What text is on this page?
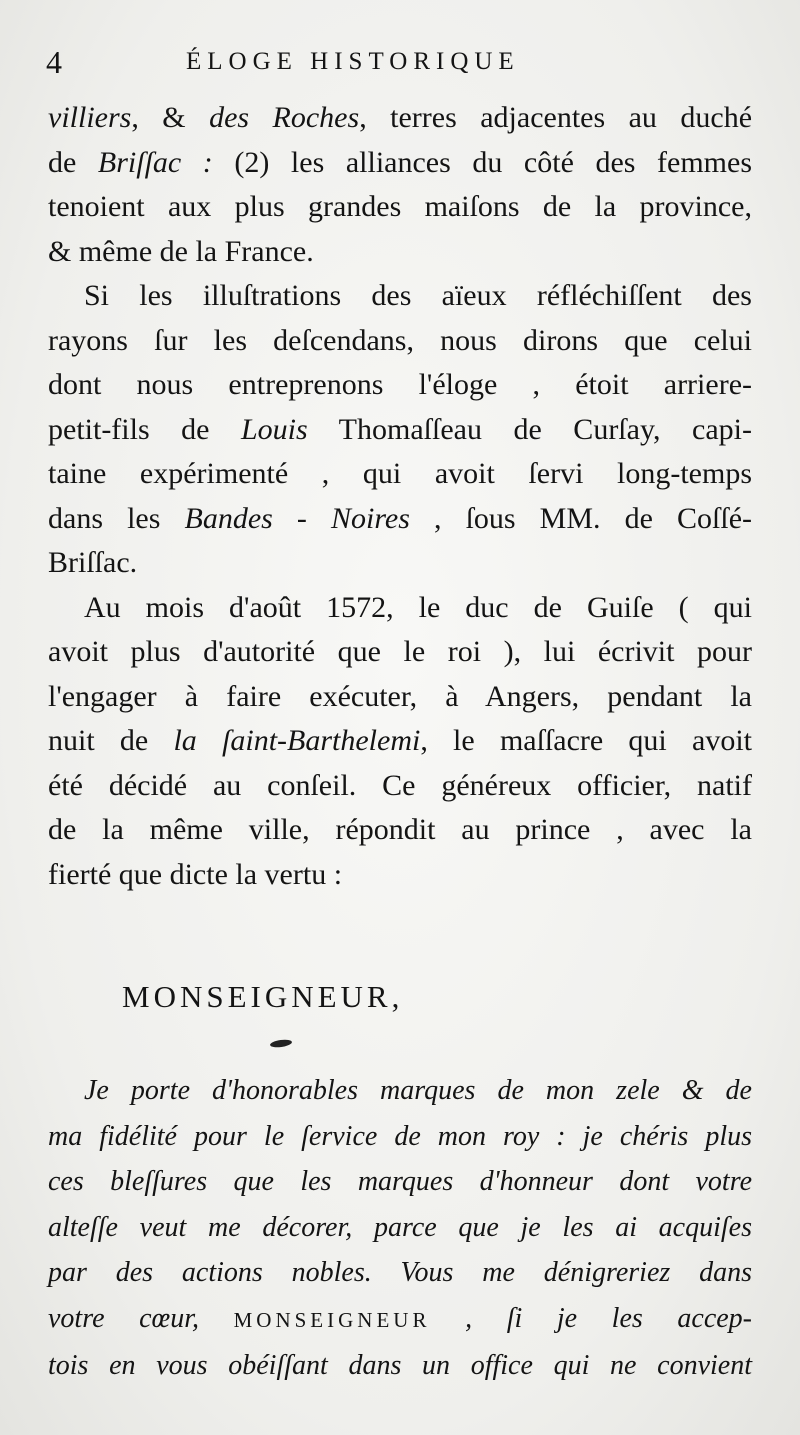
4	ÉLOGE HISTORIQUE

villiers, & des Roches, terres adjacentes au duché
de Briſſac : (2) les alliances du côté des femmes
tenoient aux plus grandes maiſons de la province,
& même de la France.

Si les illuſtrations des aïeux réfléchiſſent des
rayons ſur les deſcendans, nous dirons que celui
dont nous entreprenons l'éloge , étoit arriere-
petit-fils de Louis Thomaſſeau de Curſay, capi-
taine expérimenté , qui avoit ſervi long-temps
dans les Bandes - Noires , ſous MM. de Coſſé-
Briſſac.

Au mois d'août 1572, le duc de Guiſe ( qui
avoit plus d'autorité que le roi ), lui écrivit pour
l'engager à faire exécuter, à Angers, pendant la
nuit de la ſaint-Barthelemi, le maſſacre qui avoit
été décidé au conſeil. Ce généreux officier, natif
de la même ville, répondit au prince , avec la
fierté que dicte la vertu :

MONSEIGNEUR,
Je porte d'honorables marques de mon zele & de
ma fidélité pour le ſervice de mon roy : je chéris plus
ces bleſſures que les marques d'honneur dont votre
alteſſe veut me décorer, parce que je les ai acquiſes
par des actions nobles. Vous me dénigreriez dans
votre cœur, MONSEIGNEUR , ſi je les accep-
tois en vous obéiſſant dans un office qui ne convient
